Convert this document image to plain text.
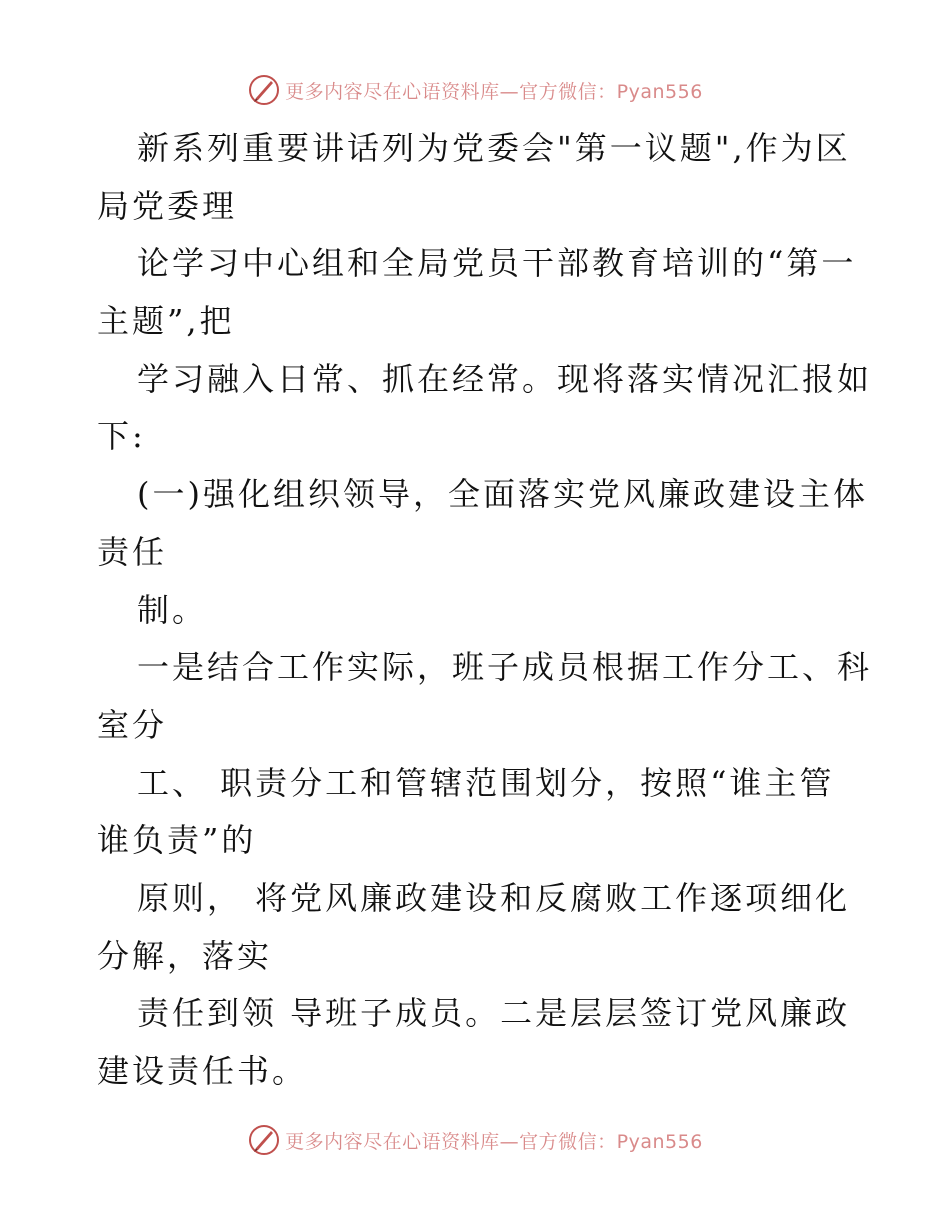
更多内容尽在心语资料库—官方微信：Pyan556
新系列重要讲话列为党委会"第一议题",作为区
局党委理
论学习中心组和全局党员干部教育培训的“第一
主题”,把
学习融入日常、抓在经常。现将落实情况汇报如
下:
(一)强化组织领导，全面落实党风廉政建设主体
责任
制。
一是结合工作实际，班子成员根据工作分工、科
室分
工、 职责分工和管辖范围划分，按照“谁主管
谁负责”的
原则， 将党风廉政建设和反腐败工作逐项细化
分解，落实
责任到领 导班子成员。二是层层签订党风廉政
建设责任书。
更多内容尽在心语资料库—官方微信：Pyan556
